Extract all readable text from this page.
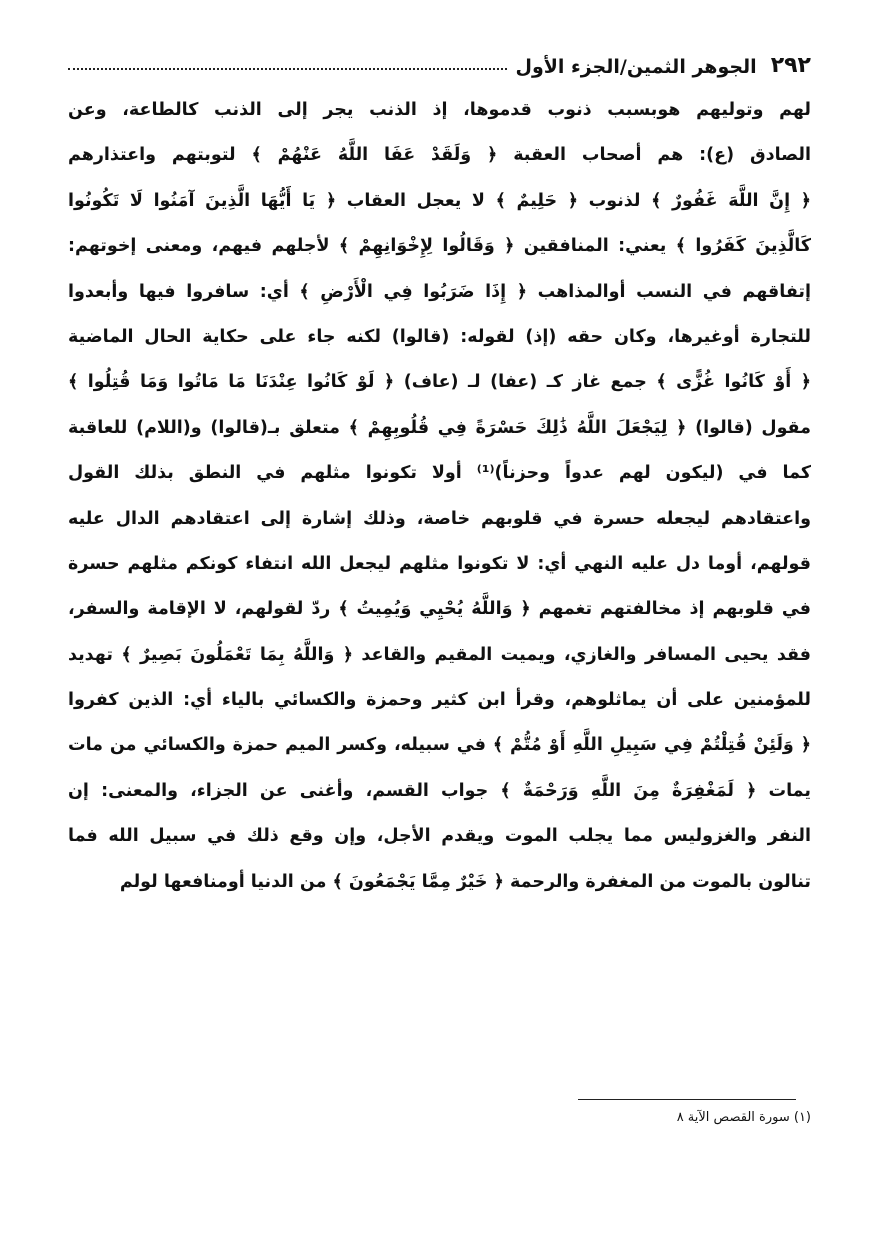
٢٩٢
الجوهر الثمين/الجزء الأول
لهم وتوليهم هوبسبب ذنوب قدموها، إذ الذنب يجر إلى الذنب كالطاعة، وعن
الصادق (ع): هم أصحاب العقبة ﴿ وَلَقَدْ عَفَا اللَّهُ عَنْهُمْ ﴾ لتوبتهم واعتذارهم
﴿ إِنَّ اللَّهَ غَفُورٌ ﴾ لذنوب ﴿ حَلِيمٌ ﴾ لا يعجل العقاب ﴿ يَا أَيُّهَا الَّذِينَ آمَنُوا لَا تَكُونُوا
كَالَّذِينَ كَفَرُوا ﴾ يعني: المنافقين ﴿ وَقَالُوا لِإِخْوَانِهِمْ ﴾ لأجلهم فيهم، ومعنى إخوتهم:
إتفاقهم في النسب أوالمذاهب ﴿ إِذَا ضَرَبُوا فِي الْأَرْضِ ﴾ أي: سافروا فيها وأبعدوا
للتجارة أوغيرها، وكان حقه (إذ) لقوله: (قالوا) لكنه جاء على حكاية الحال الماضية
﴿ أَوْ كَانُوا غُزًّى ﴾ جمع غاز كـ (عفا) لـ (عاف) ﴿ لَوْ كَانُوا عِنْدَنَا مَا مَاتُوا وَمَا قُتِلُوا ﴾
مقول (قالوا) ﴿ لِيَجْعَلَ اللَّهُ ذَٰلِكَ حَسْرَةً فِي قُلُوبِهِمْ ﴾ متعلق بـ(قالوا) و(اللام) للعاقبة
كما في (ليكون لهم عدواً وحزناً)⁽¹⁾ أولا تكونوا مثلهم في النطق بذلك القول
واعتقادهم ليجعله حسرة في قلوبهم خاصة، وذلك إشارة إلى اعتقادهم الدال عليه
قولهم، أوما دل عليه النهي أي: لا تكونوا مثلهم ليجعل الله انتفاء كونكم مثلهم حسرة
في قلوبهم إذ مخالفتهم تغمهم ﴿ وَاللَّهُ يُحْيِي وَيُمِيتُ ﴾ ردّ لقولهم، لا الإقامة والسفر،
فقد يحيى المسافر والغازي، ويميت المقيم والقاعد ﴿ وَاللَّهُ بِمَا تَعْمَلُونَ بَصِيرٌ ﴾ تهديد
للمؤمنين على أن يماثلوهم، وقرأ ابن كثير وحمزة والكسائي بالياء أي: الذين كفروا
﴿ وَلَئِنْ قُتِلْتُمْ فِي سَبِيلِ اللَّهِ أَوْ مُتُّمْ ﴾ في سبيله، وكسر الميم حمزة والكسائي من مات
يمات ﴿ لَمَغْفِرَةٌ مِنَ اللَّهِ وَرَحْمَةٌ ﴾ جواب القسم، وأغنى عن الجزاء، والمعنى: إن
النفر والغزوليس مما يجلب الموت ويقدم الأجل، وإن وقع ذلك في سبيل الله فما
تنالون بالموت من المغفرة والرحمة ﴿ خَيْرٌ مِمَّا يَجْمَعُونَ ﴾ من الدنيا أومنافعها لولم
(١) سورة القصص الآية ٨
